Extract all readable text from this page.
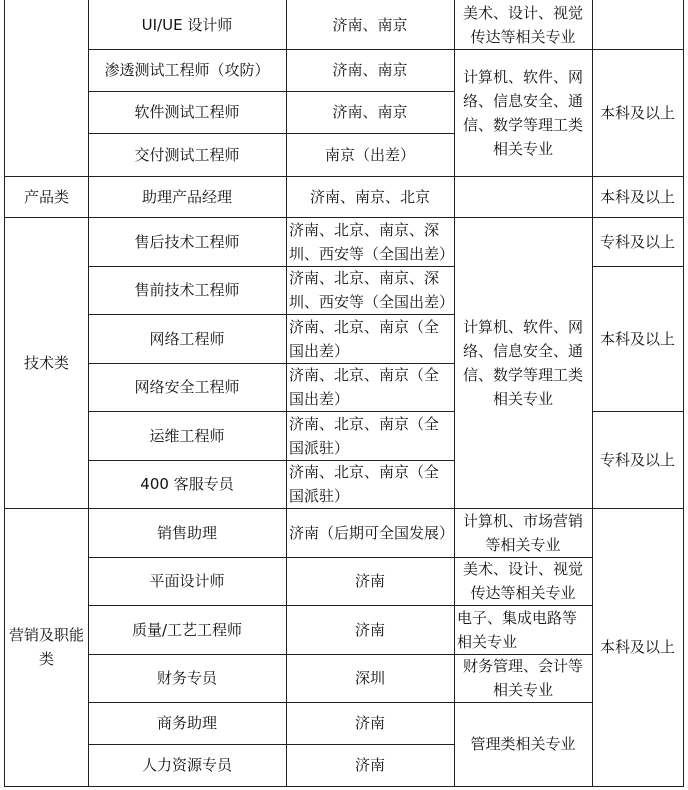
产品类
技术类
营销及职能类
UI/UE 设计师
渗透测试工程师（攻防）
软件测试工程师
交付测试工程师
助理产品经理
售后技术工程师
售前技术工程师
网络工程师
网络安全工程师
运维工程师
400 客服专员
销售助理
平面设计师
质量/工艺工程师
财务专员
商务助理
人力资源专员
济南、南京
济南、南京
济南、南京
南京（出差）
济南、南京、北京
济南、北京、南京、深圳、西安等（全国出差）
济南、北京、南京、深圳、西安等（全国出差）
济南、北京、南京（全国出差）
济南、北京、南京（全国出差）
济南、北京、南京（全国派驻）
济南、北京、南京（全国派驻）
济南（后期可全国发展）
济南
济南
深圳
济南
济南
美术、设计、视觉传达等相关专业
计算机、软件、网络、信息安全、通信、数学等理工类相关专业
计算机、软件、网络、信息安全、通信、数学等理工类相关专业
计算机、市场营销等相关专业
美术、设计、视觉传达等相关专业
电子、集成电路等相关专业
财务管理、会计等相关专业
管理类相关专业
本科及以上
本科及以上
专科及以上
本科及以上
专科及以上
本科及以上
